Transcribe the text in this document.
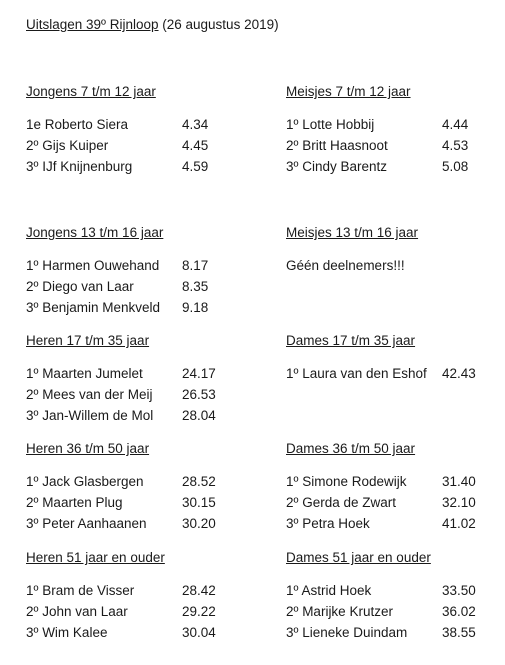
Uitslagen 39º Rijnloop (26 augustus 2019)
Jongens 7 t/m 12 jaar
1e Roberto Siera	4.34
2º Gijs Kuiper	4.45
3º IJf Knijnenburg	4.59
Meisjes 7 t/m 12 jaar
1º Lotte Hobbij	4.44
2º Britt Haasnoot	4.53
3º Cindy Barentz	5.08
Jongens 13 t/m 16 jaar
1º Harmen Ouwehand	8.17
2º Diego van Laar	8.35
3º Benjamin Menkveld	9.18
Meisjes 13 t/m 16 jaar
Géén deelnemers!!!
Heren 17 t/m 35 jaar
1º Maarten Jumelet	24.17
2º Mees van der Meij	26.53
3º Jan-Willem de Mol	28.04
Dames 17 t/m 35 jaar
1º Laura van den Eshof	42.43
Heren 36 t/m 50 jaar
1º Jack Glasbergen	28.52
2º Maarten Plug	30.15
3º Peter Aanhaanen	30.20
Dames 36 t/m 50 jaar
1º Simone Rodewijk	31.40
2º Gerda de Zwart	32.10
3º Petra Hoek	41.02
Heren 51 jaar en ouder
1º Bram de Visser	28.42
2º John van Laar	29.22
3º Wim Kalee	30.04
Dames 51 jaar en ouder
1º Astrid Hoek	33.50
2º Marijke Krutzer	36.02
3º Lieneke Duindam	38.55
